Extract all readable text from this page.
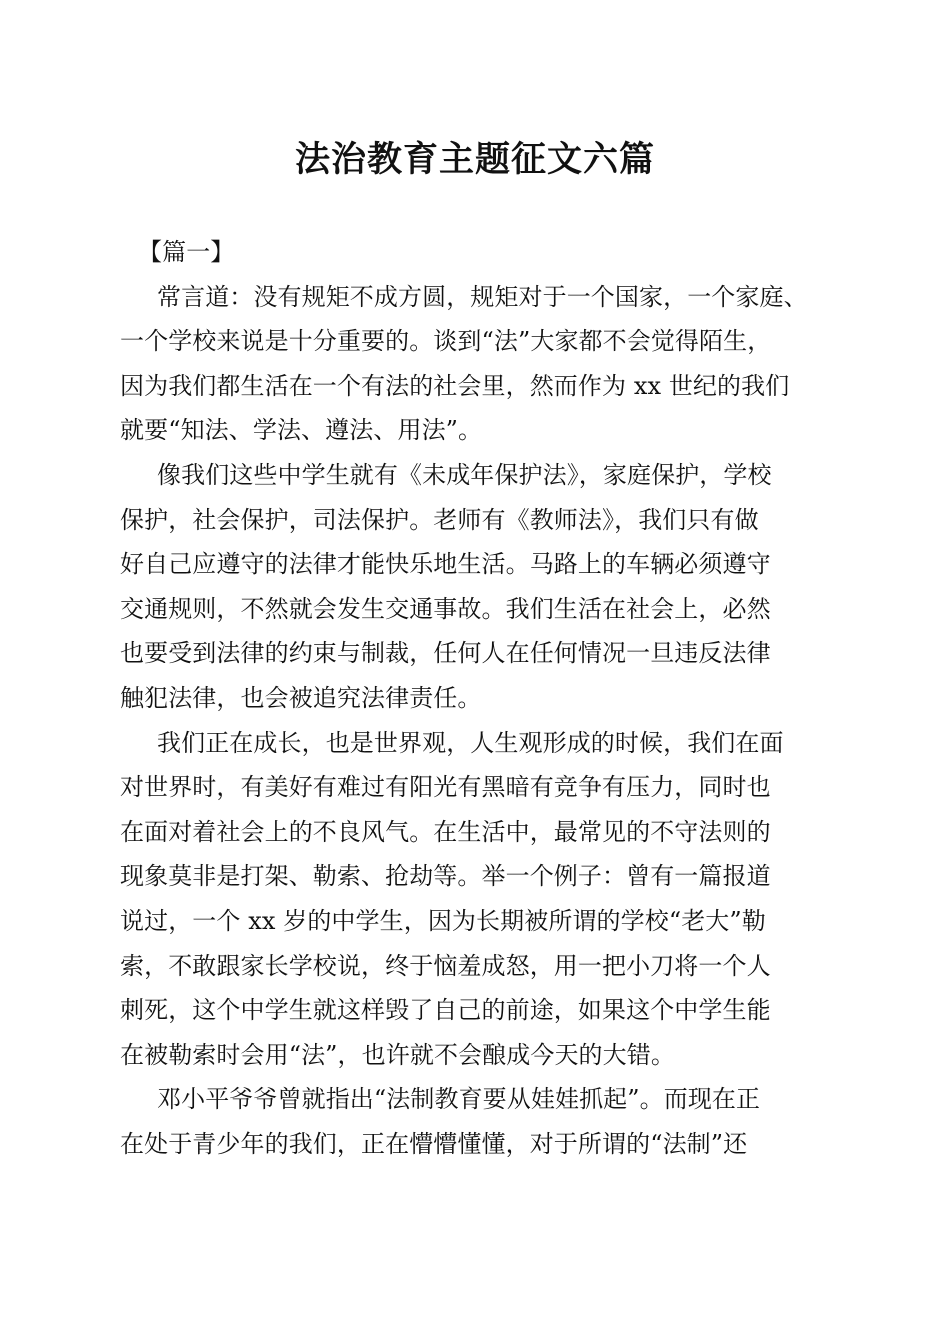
法治教育主题征文六篇
【篇一】
常言道：没有规矩不成方圆，规矩对于一个国家，一个家庭、
一个学校来说是十分重要的。谈到“法”大家都不会觉得陌生，
因为我们都生活在一个有法的社会里，然而作为 xx 世纪的我们
就要“知法、学法、遵法、用法”。
像我们这些中学生就有《未成年保护法》，家庭保护，学校
保护，社会保护，司法保护。老师有《教师法》，我们只有做
好自己应遵守的法律才能快乐地生活。马路上的车辆必须遵守
交通规则，不然就会发生交通事故。我们生活在社会上，必然
也要受到法律的约束与制裁，任何人在任何情况一旦违反法律
触犯法律，也会被追究法律责任。
我们正在成长，也是世界观，人生观形成的时候，我们在面
对世界时，有美好有难过有阳光有黑暗有竞争有压力，同时也
在面对着社会上的不良风气。在生活中，最常见的不守法则的
现象莫非是打架、勒索、抢劫等。举一个例子：曾有一篇报道
说过，一个 xx 岁的中学生，因为长期被所谓的学校“老大”勒
索，不敢跟家长学校说，终于恼羞成怒，用一把小刀将一个人
刺死，这个中学生就这样毁了自己的前途，如果这个中学生能
在被勒索时会用“法”，也许就不会酿成今天的大错。
邓小平爷爷曾就指出“法制教育要从娃娃抓起”。而现在正
在处于青少年的我们，正在懵懵懂懂，对于所谓的“法制”还
